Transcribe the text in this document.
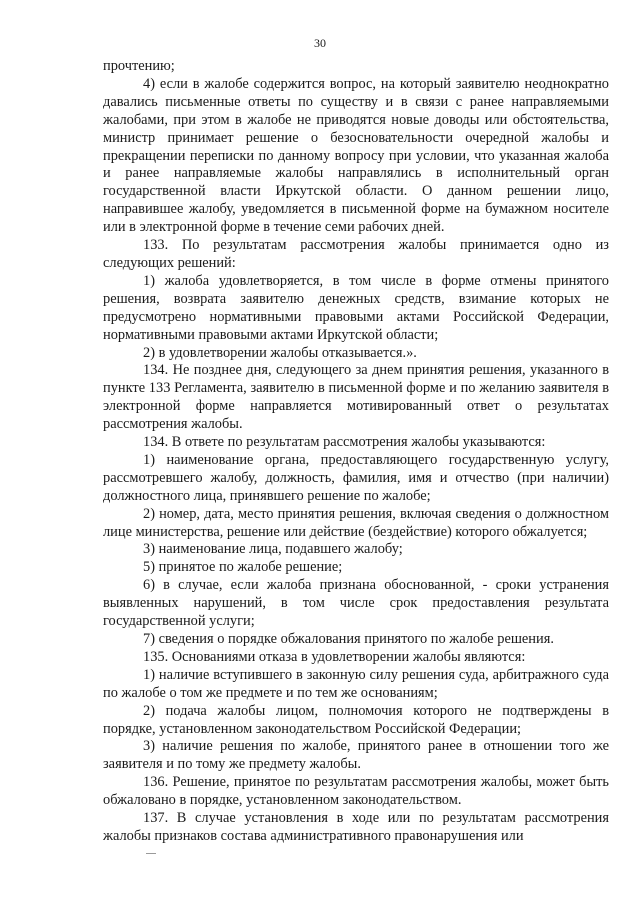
30

прочтению;

4) если в жалобе содержится вопрос, на который заявителю неоднократно давались письменные ответы по существу и в связи с ранее направляемыми жалобами, при этом в жалобе не приводятся новые доводы или обстоятельства, министр принимает решение о безосновательности очередной жалобы и прекращении переписки по данному вопросу при условии, что указанная жалоба и ранее направляемые жалобы направлялись в исполнительный орган государственной власти Иркутской области. О данном решении лицо, направившее жалобу, уведомляется в письменной форме на бумажном носителе или в электронной форме в течение семи рабочих дней.

133. По результатам рассмотрения жалобы принимается одно из следующих решений:

1) жалоба удовлетворяется, в том числе в форме отмены принятого решения, возврата заявителю денежных средств, взимание которых не предусмотрено нормативными правовыми актами Российской Федерации, нормативными правовыми актами Иркутской области;

2) в удовлетворении жалобы отказывается.».

134. Не позднее дня, следующего за днем принятия решения, указанного в пункте 133 Регламента, заявителю в письменной форме и по желанию заявителя в электронной форме направляется мотивированный ответ о результатах рассмотрения жалобы.

134. В ответе по результатам рассмотрения жалобы указываются:

1) наименование органа, предоставляющего государственную услугу, рассмотревшего жалобу, должность, фамилия, имя и отчество (при наличии) должностного лица, принявшего решение по жалобе;

2) номер, дата, место принятия решения, включая сведения о должностном лице министерства, решение или действие (бездействие) которого обжалуется;

3) наименование лица, подавшего жалобу;

5) принятое по жалобе решение;

6) в случае, если жалоба признана обоснованной, - сроки устранения выявленных нарушений, в том числе срок предоставления результата государственной услуги;

7) сведения о порядке обжалования принятого по жалобе решения.

135. Основаниями отказа в удовлетворении жалобы являются:

1) наличие вступившего в законную силу решения суда, арбитражного суда по жалобе о том же предмете и по тем же основаниям;

2) подача жалобы лицом, полномочия которого не подтверждены в порядке, установленном законодательством Российской Федерации;

3) наличие решения по жалобе, принятого ранее в отношении того же заявителя и по тому же предмету жалобы.

136. Решение, принятое по результатам рассмотрения жалобы, может быть обжаловано в порядке, установленном законодательством.

137. В случае установления в ходе или по результатам рассмотрения жалобы признаков состава административного правонарушения или
